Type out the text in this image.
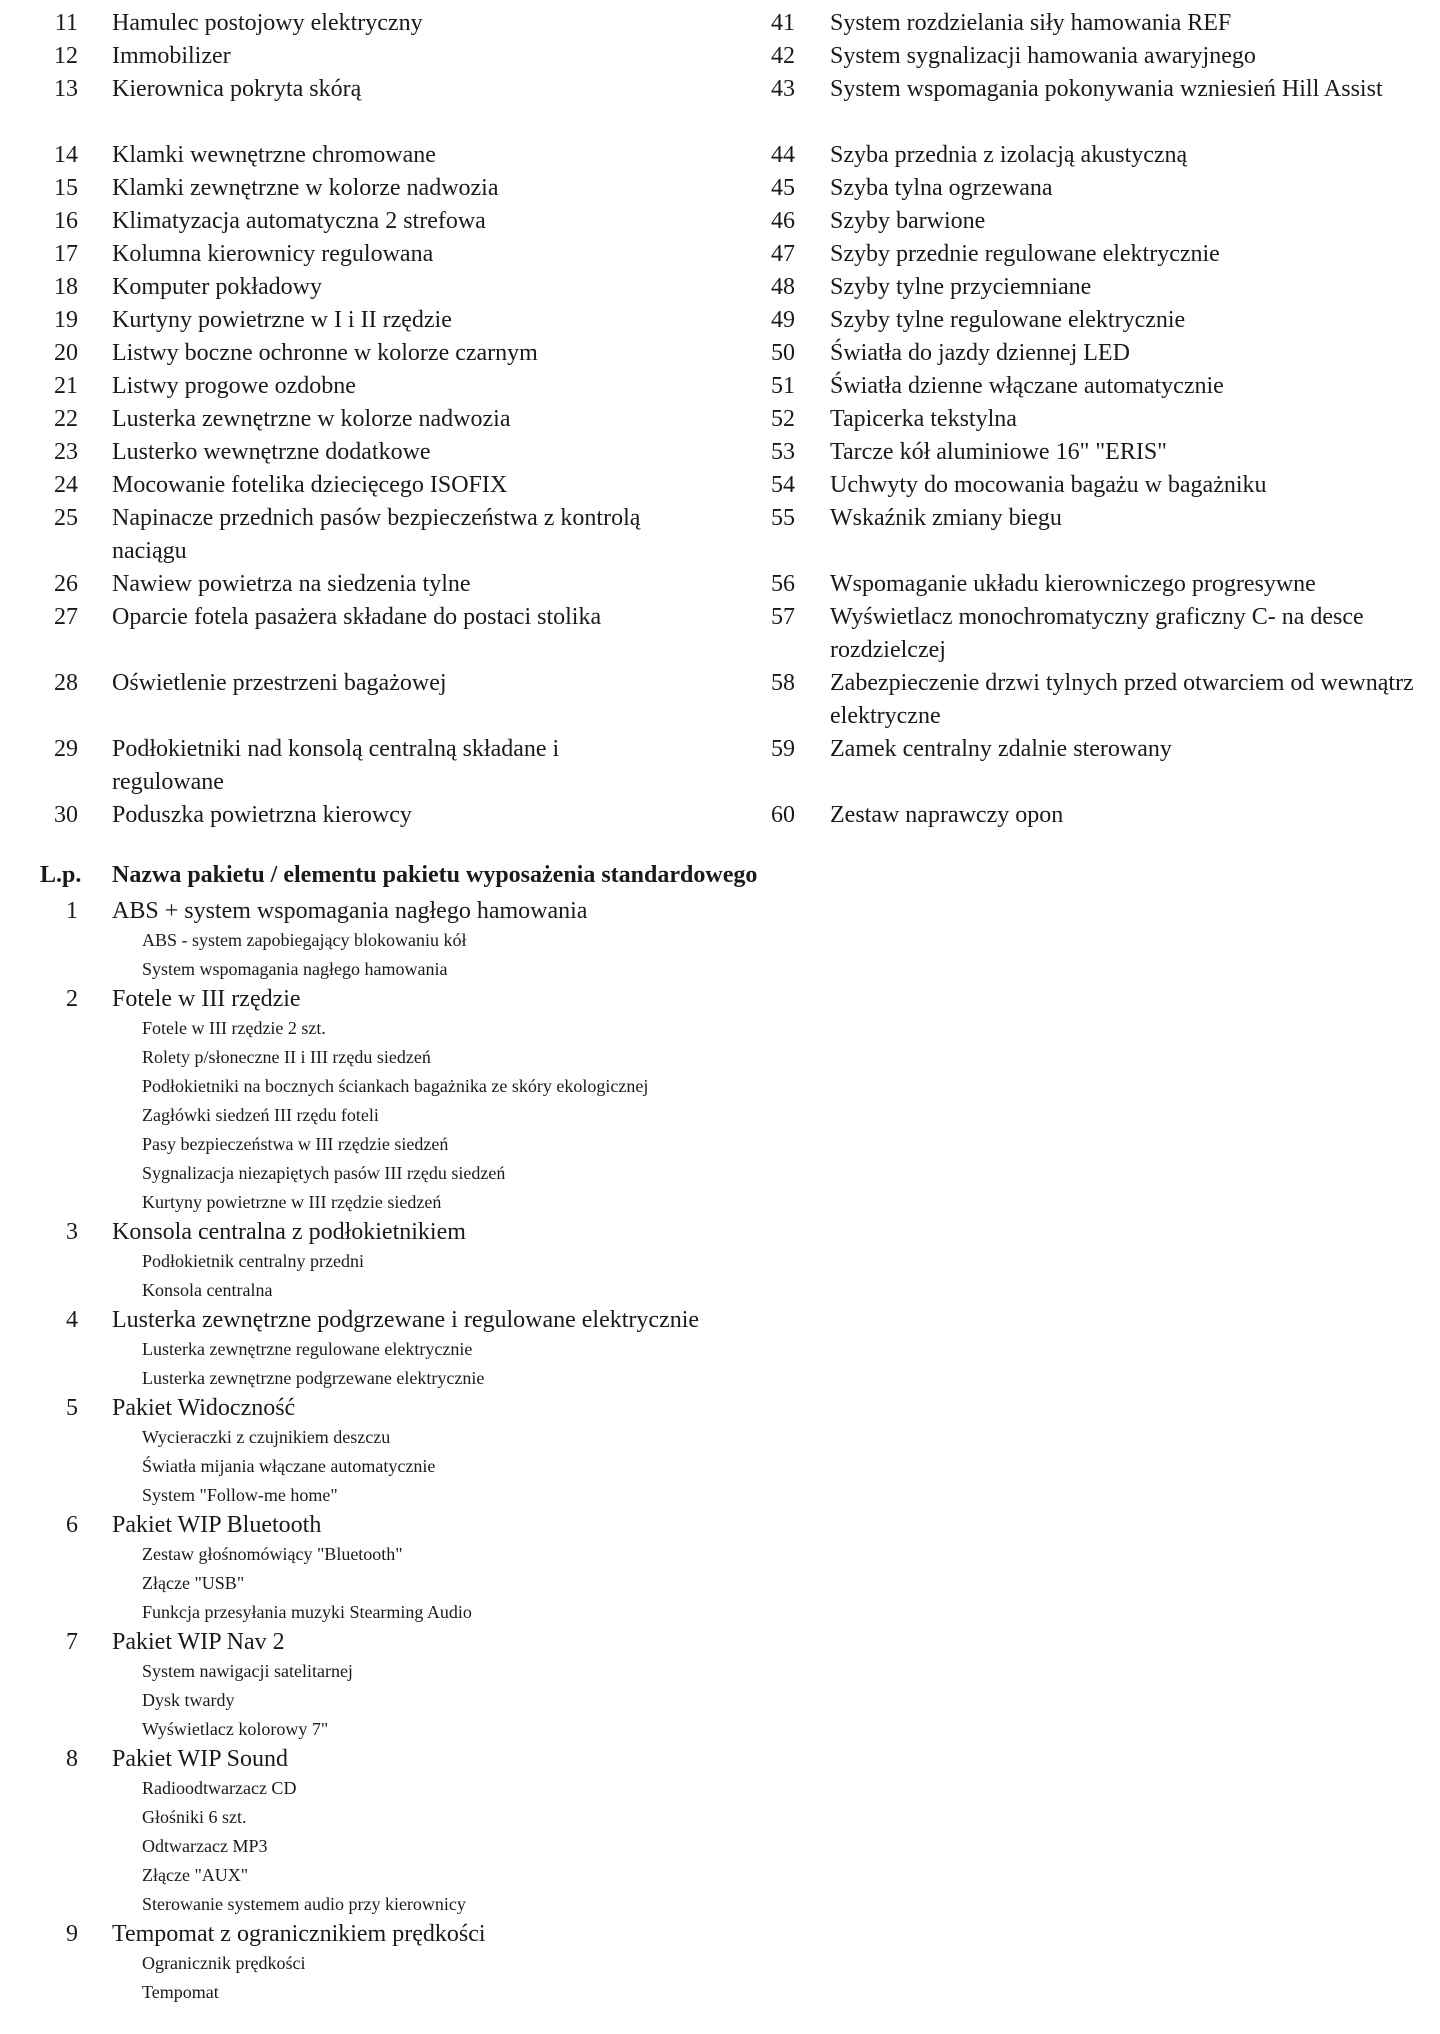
11 Hamulec postojowy elektryczny
12 Immobilizer
13 Kierownica pokryta skórą
14 Klamki wewnętrzne chromowane
15 Klamki zewnętrzne w kolorze nadwozia
16 Klimatyzacja automatyczna 2 strefowa
17 Kolumna kierownicy regulowana
18 Komputer pokładowy
19 Kurtyny powietrzne w I i II rzędzie
20 Listwy boczne ochronne w kolorze czarnym
21 Listwy progowe ozdobne
22 Lusterka zewnętrzne w kolorze nadwozia
23 Lusterko wewnętrzne dodatkowe
24 Mocowanie fotelika dziecięcego ISOFIX
25 Napinacze przednich pasów bezpieczeństwa z kontrolą naciągu
26 Nawiew powietrza na siedzenia tylne
27 Oparcie fotela pasażera składane do postaci stolika
28 Oświetlenie przestrzeni bagażowej
29 Podłokietniki nad konsolą centralną składane i regulowane
30 Poduszka powietrzna kierowcy
41 System rozdzielania siły hamowania REF
42 System sygnalizacji hamowania awaryjnego
43 System wspomagania pokonywania wzniesień Hill Assist
44 Szyba przednia z izolacją akustyczną
45 Szyba tylna ogrzewana
46 Szyby barwione
47 Szyby przednie regulowane elektrycznie
48 Szyby tylne przyciemniane
49 Szyby tylne regulowane elektrycznie
50 Światła do jazdy dziennej LED
51 Światła dzienne włączane automatycznie
52 Tapicerka tekstylna
53 Tarcze kół aluminiowe 16" "ERIS"
54 Uchwyty do mocowania bagażu w bagażniku
55 Wskaźnik zmiany biegu
56 Wspomaganie układu kierowniczego progresywne
57 Wyświetlacz monochromatyczny graficzny C- na desce rozdzielczej
58 Zabezpieczenie drzwi tylnych przed otwarciem od wewnątrz elektryczne
59 Zamek centralny zdalnie sterowany
60 Zestaw naprawczy opon
L.p. Nazwa pakietu / elementu pakietu wyposażenia standardowego
1 ABS + system wspomagania nagłego hamowania
ABS - system zapobiegający blokowaniu kół
System wspomagania nagłego hamowania
2 Fotele w III rzędzie
Fotele w III rzędzie 2 szt.
Rolety p/słoneczne II i III rzędu siedzeń
Podłokietniki na bocznych ściankach bagażnika ze skóry ekologicznej
Zagłówki siedzeń III rzędu foteli
Pasy bezpieczeństwa w III rzędzie siedzeń
Sygnalizacja niezapiętych pasów III rzędu siedzeń
Kurtyny powietrzne w III rzędzie siedzeń
3 Konsola centralna z podłokietnikiem
Podłokietnik centralny przedni
Konsola centralna
4 Lusterka zewnętrzne podgrzewane i regulowane elektrycznie
Lusterka zewnętrzne regulowane elektrycznie
Lusterka zewnętrzne podgrzewane elektrycznie
5 Pakiet Widoczność
Wycieraczki z czujnikiem deszczu
Światła mijania włączane automatycznie
System "Follow-me home"
6 Pakiet WIP Bluetooth
Zestaw głośnomówiący "Bluetooth"
Złącze "USB"
Funkcja przesyłania muzyki Stearming Audio
7 Pakiet WIP Nav 2
System nawigacji satelitarnej
Dysk twardy
Wyświetlacz kolorowy 7"
8 Pakiet WIP Sound
Radioodtwarzacz CD
Głośniki 6 szt.
Odtwarzacz MP3
Złącze "AUX"
Sterowanie systemem audio przy kierownicy
9 Tempomat z ogranicznikiem prędkości
Ogranicznik prędkości
Tempomat
